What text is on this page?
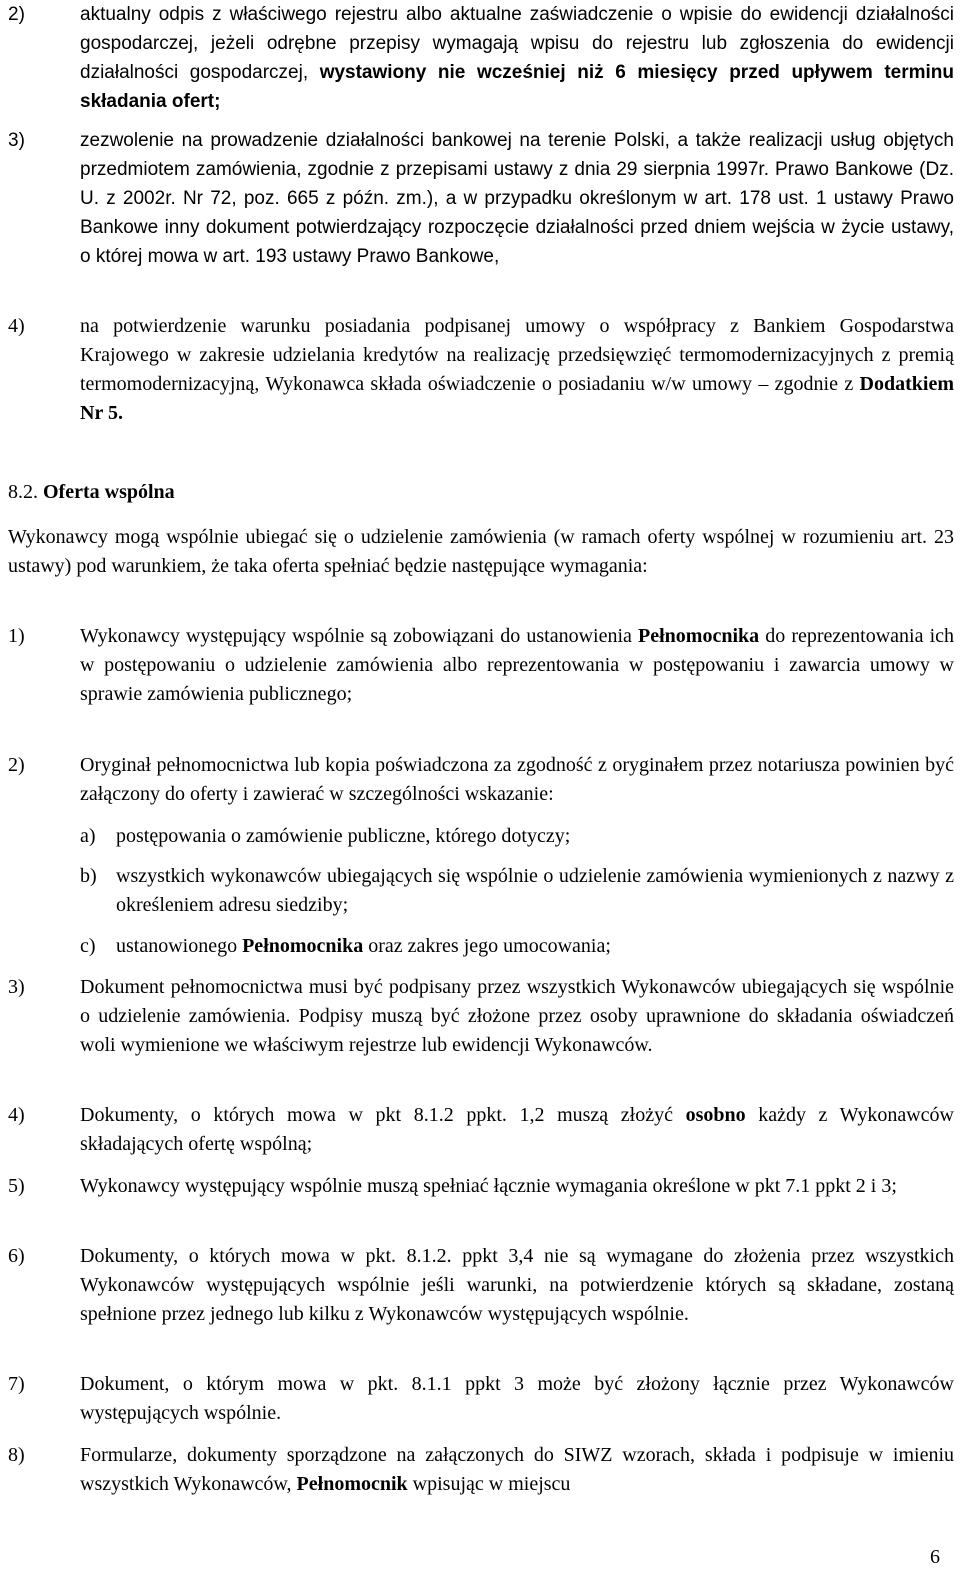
2)	aktualny odpis z właściwego rejestru albo aktualne zaświadczenie o wpisie do ewidencji działalności gospodarczej, jeżeli odrębne przepisy wymagają wpisu do rejestru lub zgłoszenia do ewidencji działalności gospodarczej, wystawiony nie wcześniej niż 6 miesięcy przed upływem terminu składania ofert;
3)	zezwolenie na prowadzenie działalności bankowej na terenie Polski, a także realizacji usług objętych przedmiotem zamówienia, zgodnie z przepisami ustawy z dnia 29 sierpnia 1997r. Prawo Bankowe (Dz. U. z 2002r. Nr 72, poz. 665 z późn. zm.), a w przypadku określonym w art. 178 ust. 1 ustawy Prawo Bankowe inny dokument potwierdzający rozpoczęcie działalności przed dniem wejścia w życie ustawy, o której mowa w art. 193 ustawy Prawo Bankowe,
4)	na potwierdzenie warunku posiadania podpisanej umowy o współpracy z Bankiem Gospodarstwa Krajowego w zakresie udzielania kredytów na realizację przedsięwzięć termomodernizacyjnych z premią termomodernizacyjną, Wykonawca składa oświadczenie o posiadaniu w/w umowy – zgodnie z Dodatkiem Nr 5.
8.2. Oferta wspólna
Wykonawcy mogą wspólnie ubiegać się o udzielenie zamówienia (w ramach oferty wspólnej w rozumieniu art. 23 ustawy) pod warunkiem, że taka oferta spełniać będzie następujące wymagania:
1)	Wykonawcy występujący wspólnie są zobowiązani do ustanowienia Pełnomocnika do reprezentowania ich w postępowaniu o udzielenie zamówienia albo reprezentowania w postępowaniu i zawarcia umowy w sprawie zamówienia publicznego;
2)	Oryginał pełnomocnictwa lub kopia poświadczona za zgodność z oryginałem przez notariusza powinien być załączony do oferty i zawierać w szczególności wskazanie:
a)	postępowania o zamówienie publiczne, którego dotyczy;
b) wszystkich wykonawców ubiegających się wspólnie o udzielenie zamówienia wymienionych z nazwy z określeniem adresu siedziby;
c)	ustanowionego Pełnomocnika oraz zakres jego umocowania;
3)	Dokument pełnomocnictwa musi być podpisany przez wszystkich Wykonawców ubiegających się wspólnie o udzielenie zamówienia. Podpisy muszą być złożone przez osoby uprawnione do składania oświadczeń woli wymienione we właściwym rejestrze lub ewidencji Wykonawców.
4)	Dokumenty, o których mowa w pkt 8.1.2 ppkt. 1,2 muszą złożyć osobno każdy z Wykonawców składających ofertę wspólną;
5)	Wykonawcy występujący wspólnie muszą spełniać łącznie wymagania określone w pkt 7.1 ppkt 2 i 3;
6)	Dokumenty, o których mowa w pkt. 8.1.2. ppkt 3,4 nie są wymagane do złożenia przez wszystkich Wykonawców występujących wspólnie jeśli warunki, na potwierdzenie których są składane, zostaną spełnione przez jednego lub kilku z Wykonawców występujących wspólnie.
7)	Dokument, o którym mowa w pkt. 8.1.1 ppkt 3 może być złożony łącznie przez Wykonawców występujących wspólnie.
8)	Formularze, dokumenty sporządzone na załączonych do SIWZ wzorach, składa i podpisuje w imieniu wszystkich Wykonawców, Pełnomocnik wpisując w miejscu
6
